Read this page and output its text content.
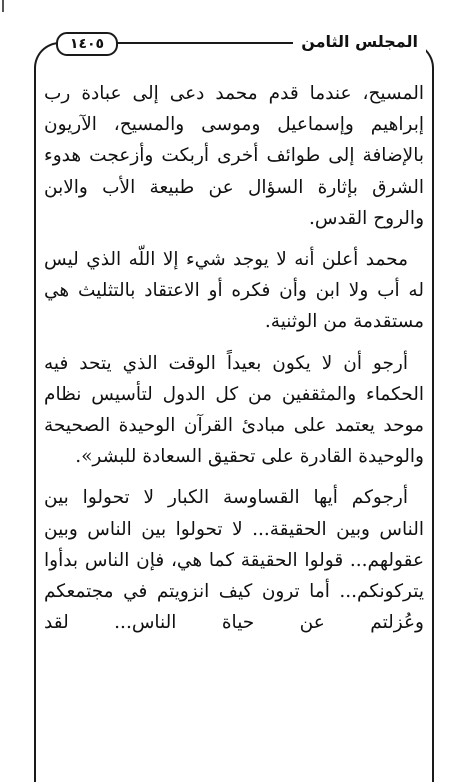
المجلس الثامن
١٤٠٥

المسيح، عندما قدم محمد دعى إلى عبادة رب إبراهيم وإسماعيل وموسى والمسيح، الآريون بالإضافة إلى طوائف أخرى أربكت وأزعجت هدوء الشرق بإثارة السؤال عن طبيعة الأب والابن والروح القدس.

محمد أعلن أنه لا يوجد شيء إلا اللّه الذي ليس له أب ولا ابن وأن فكره أو الاعتقاد بالتثليث هي مستقدمة من الوثنية.

أرجو أن لا يكون بعيداً الوقت الذي يتحد فيه الحكماء والمثقفين من كل الدول لتأسيس نظام موحد يعتمد على مبادئ القرآن الوحيدة الصحيحة والوحيدة القادرة على تحقيق السعادة للبشر».

أرجوكم أيها القساوسة الكبار لا تحولوا بين الناس وبين الحقيقة... لا تحولوا بين الناس وبين عقولهم... قولوا الحقيقة كما هي، فإن الناس بدأوا يتركونكم... أما ترون كيف انزويتم في مجتمعكم وعُزلتم عن حياة الناس... لقد
